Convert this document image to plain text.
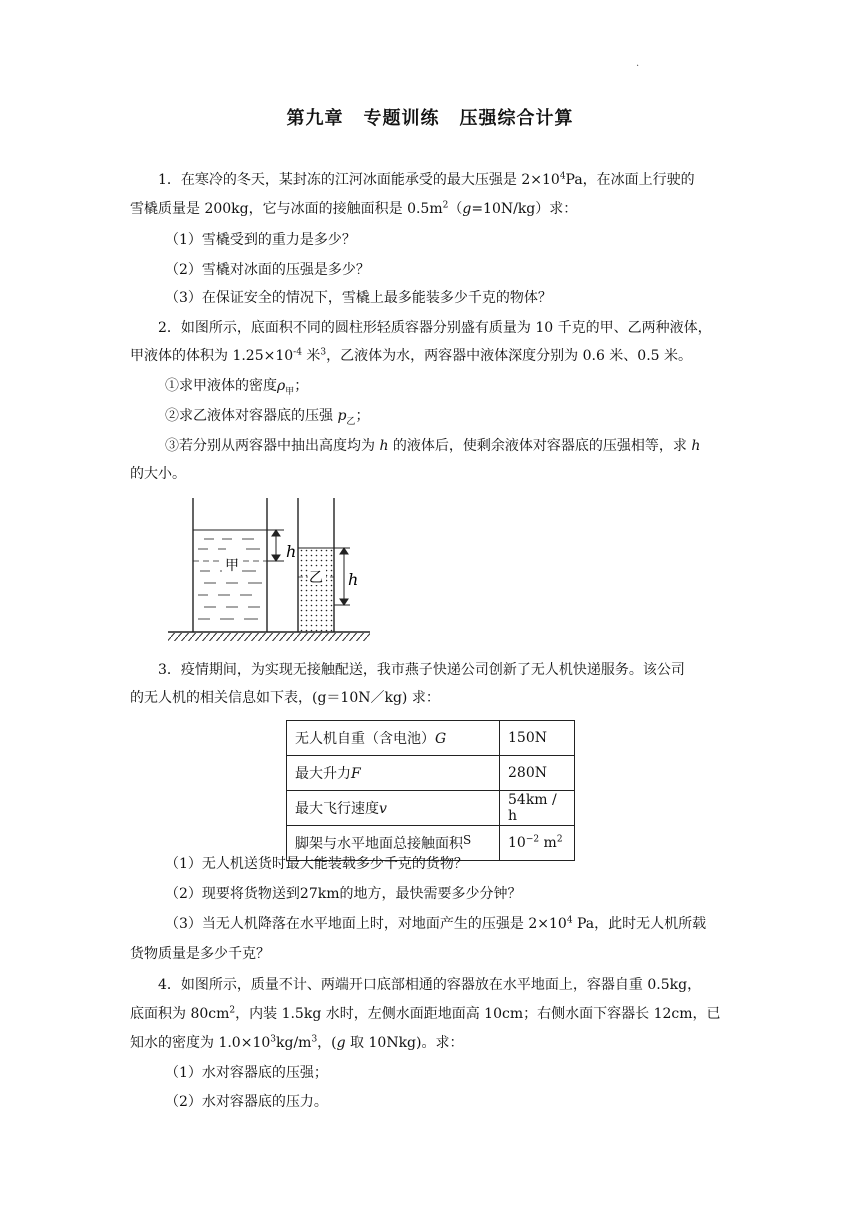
.
第九章 专题训练 压强综合计算
1．在寒冷的冬天，某封冻的江河冰面能承受的最大压强是 $2\times 10^4Pa$，在冰面上行驶的
雪橇质量是 200kg，它与冰面的接触面积是 $0.5m^2(g=10N/kg)$求：
（1）雪橇受到的重力是多少？
（2）雪橇对冰面的压强是多少？
（3）在保证安全的情况下，雪橇上最多能装多少千克的物体？
2．如图所示，底面积不同的圆柱形轻质容器分别盛有质量为 10 千克的甲、乙两种液体，
甲液体的体积为 $1.25\times 10^{-4}$ 米$^3$，乙液体为水，两容器中液体深度分别为 0.6 米、0.5 米。
①求甲液体的密度$\rho_甲$；
②求乙液体对容器底的压强 $p_乙$；
③若分别从两容器中抽出高度均为 h 的液体后，使剩余液体对容器底的压强相等，求 h
的大小。
甲
h
乙 h
3．疫情期间，为实现无接触配送，我市燕子快递公司创新了无人机快递服务。该公司
的无人机的相关信息如下表，(g＝10N／kg) 求：
无人机自重（含电池）G	150N
最大升力F	280N
最大飞行速度v	54km / h
脚架与水平地面总接触面积S	$10^{-2}$ $m^2$
（1）无人机送货时最大能装载多少千克的货物？
（2）现要将货物送到27km的地方，最快需要多少分钟？
（3）当无人机降落在水平地面上时，对地面产生的压强是 $2\times 10^4$ Pa，此时无人机所载
货物质量是多少千克？
4．如图所示，质量不计、两端开口底部相通的容器放在水平地面上，容器自重 0.5kg，
底面积为 $80cm^2$，内装 1.5kg 水时，左侧水面距地面高 10cm；右侧水面下容器长 12cm，已
知水的密度为 $1.0\times 10^3kg/m^3$，(g 取 10Nkg)。求：
（1）水对容器底的压强；
（2）水对容器底的压力。
